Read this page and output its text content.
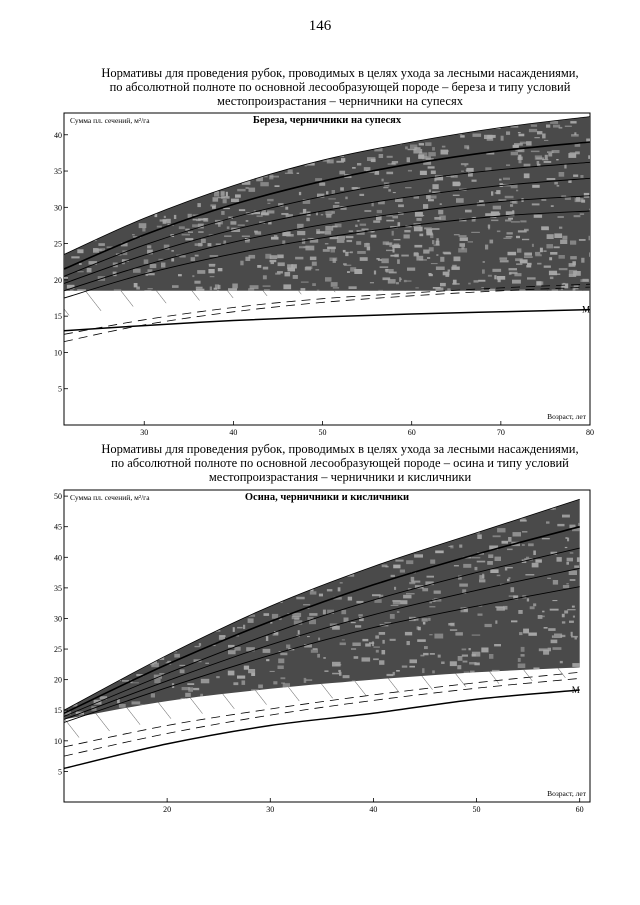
146
Нормативы для проведения рубок, проводимых в целях ухода за лесными насаждениями,
по абсолютной полноте по основной лесообразующей породе – береза и типу условий
местопроизрастания – черничники на супесях
М
5
10
15
20
25
30
35
40
30	40	50	60	70	80
Береза, черничники на супесях
Сумма пл. сечений, м²/га
Возраст, лет
М
5
10
15
20
25
30
35
40
45
50
20	30	40	50	60
Осина, черничники и кисличники
Сумма пл. сечений, м²/га
Возраст, лет
Нормативы для проведения рубок, проводимых в целях ухода за лесными насаждениями,
по абсолютной полноте по основной лесообразующей породе – осина и типу условий
местопроизрастания – черничники и кисличники
